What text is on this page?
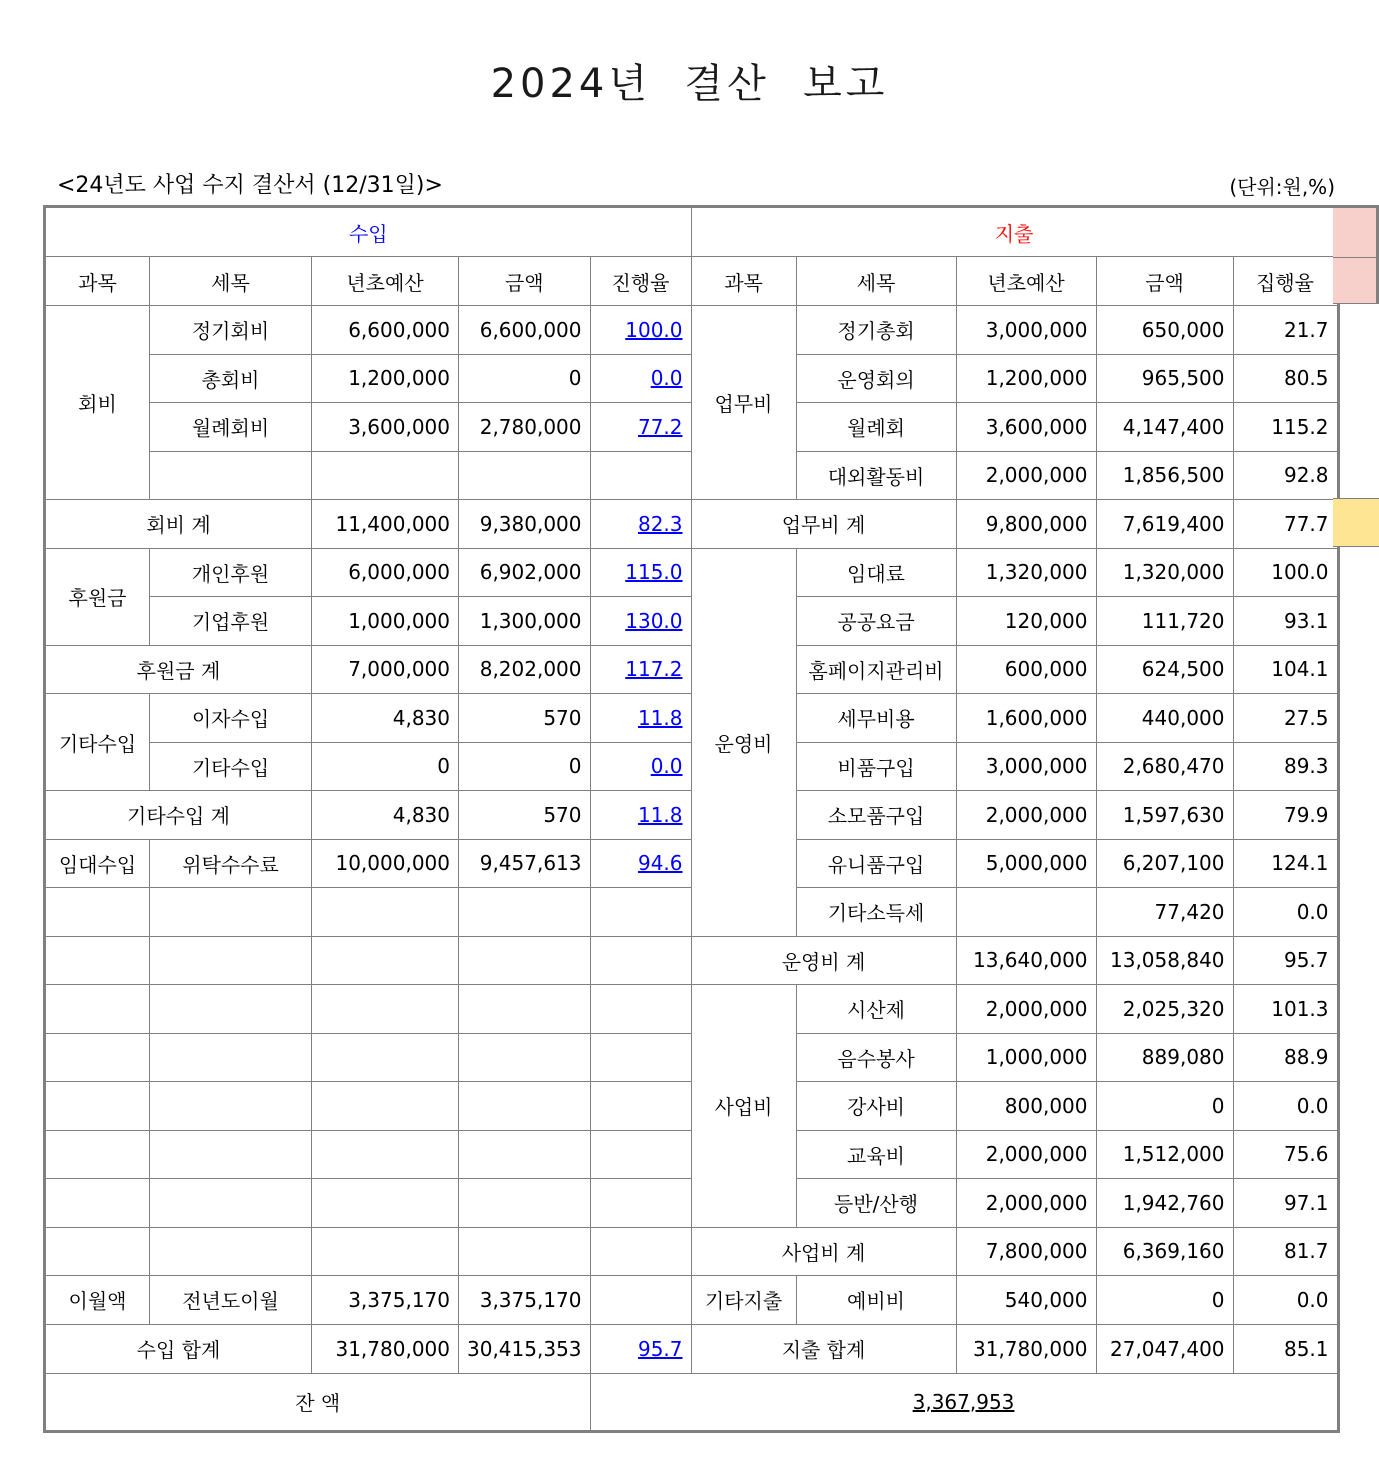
2024년  결산  보고
<24년도 사업 수지 결산서 (12/31일)>	(단위:원,%)
수입					지출				
과목	세목	년초예산	금액	진행율	과목	세목	년초예산	금액	집행율
회비	정기회비	6,600,000	6,600,000	100.0	업무비	정기총회	3,000,000	650,000	21.7
	총회비	1,200,000	0	0.0		운영회의	1,200,000	965,500	80.5
	월례회비	3,600,000	2,780,000	77.2		월례회	3,600,000	4,147,400	115.2
						대외활동비	2,000,000	1,856,500	92.8
회비 계		11,400,000	9,380,000	82.3	업무비 계		9,800,000	7,619,400	77.7
후원금	개인후원	6,000,000	6,902,000	115.0	운영비	임대료	1,320,000	1,320,000	100.0
	기업후원	1,000,000	1,300,000	130.0		공공요금	120,000	111,720	93.1
후원금 계		7,000,000	8,202,000	117.2		홈페이지관리비	600,000	624,500	104.1
기타수입	이자수입	4,830	570	11.8		세무비용	1,600,000	440,000	27.5
	기타수입	0	0	0.0		비품구입	3,000,000	2,680,470	89.3
기타수입 계		4,830	570	11.8		소모품구입	2,000,000	1,597,630	79.9
임대수입	위탁수수료	10,000,000	9,457,613	94.6		유니품구입	5,000,000	6,207,100	124.1
						기타소득세		77,420	0.0
					운영비 계		13,640,000	13,058,840	95.7
					사업비	시산제	2,000,000	2,025,320	101.3
						음수봉사	1,000,000	889,080	88.9
						강사비	800,000	0	0.0
						교육비	2,000,000	1,512,000	75.6
						등반/산행	2,000,000	1,942,760	97.1
					사업비 계		7,800,000	6,369,160	81.7
이월액	전년도이월	3,375,170	3,375,170		기타지출	예비비	540,000	0	0.0
수입 합계		31,780,000	30,415,353	95.7	지출 합계		31,780,000	27,047,400	85.1
잔 액				3,367,953					
